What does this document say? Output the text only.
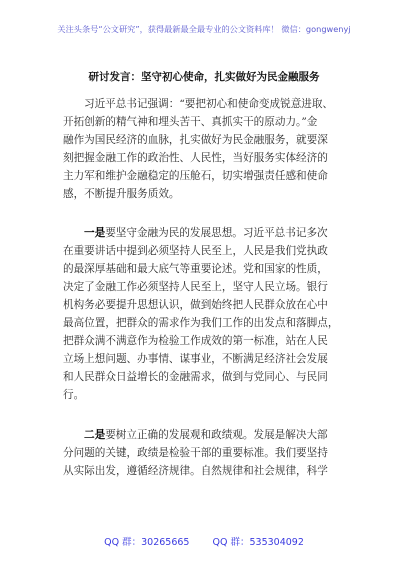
关注头条号“公文研究”，获得最新最全最专业的公文资料库！ 微信：gongwenyj
研讨发言：坚守初心使命，扎实做好为民金融服务
习近平总书记强调：“要把初心和使命变成锐意进取、
开拓创新的精气神和埋头苦干、真抓实干的原动力。”金
融作为国民经济的血脉，扎实做好为民金融服务，就要深
刻把握金融工作的政治性、人民性，当好服务实体经济的
主力军和维护金融稳定的压舱石，切实增强责任感和使命
感，不断提升服务质效。
一是要坚守金融为民的发展思想。习近平总书记多次
在重要讲话中提到必须坚持人民至上，人民是我们党执政
的最深厚基础和最大底气等重要论述。党和国家的性质，
决定了金融工作必须坚持人民至上，坚守人民立场。银行
机构务必要提升思想认识，做到始终把人民群众放在心中
最高位置，把群众的需求作为我们工作的出发点和落脚点，
把群众满不满意作为检验工作成效的第一标准，站在人民
立场上想问题、办事情、谋事业，不断满足经济社会发展
和人民群众日益增长的金融需求，做到与党同心、与民同
行。
二是要树立正确的发展观和政绩观。发展是解决大部
分问题的关键，政绩是检验干部的重要标准。我们要坚持
从实际出发，遵循经济规律。自然规律和社会规律，科学
QQ 群：30265665 QQ 群：535304092
